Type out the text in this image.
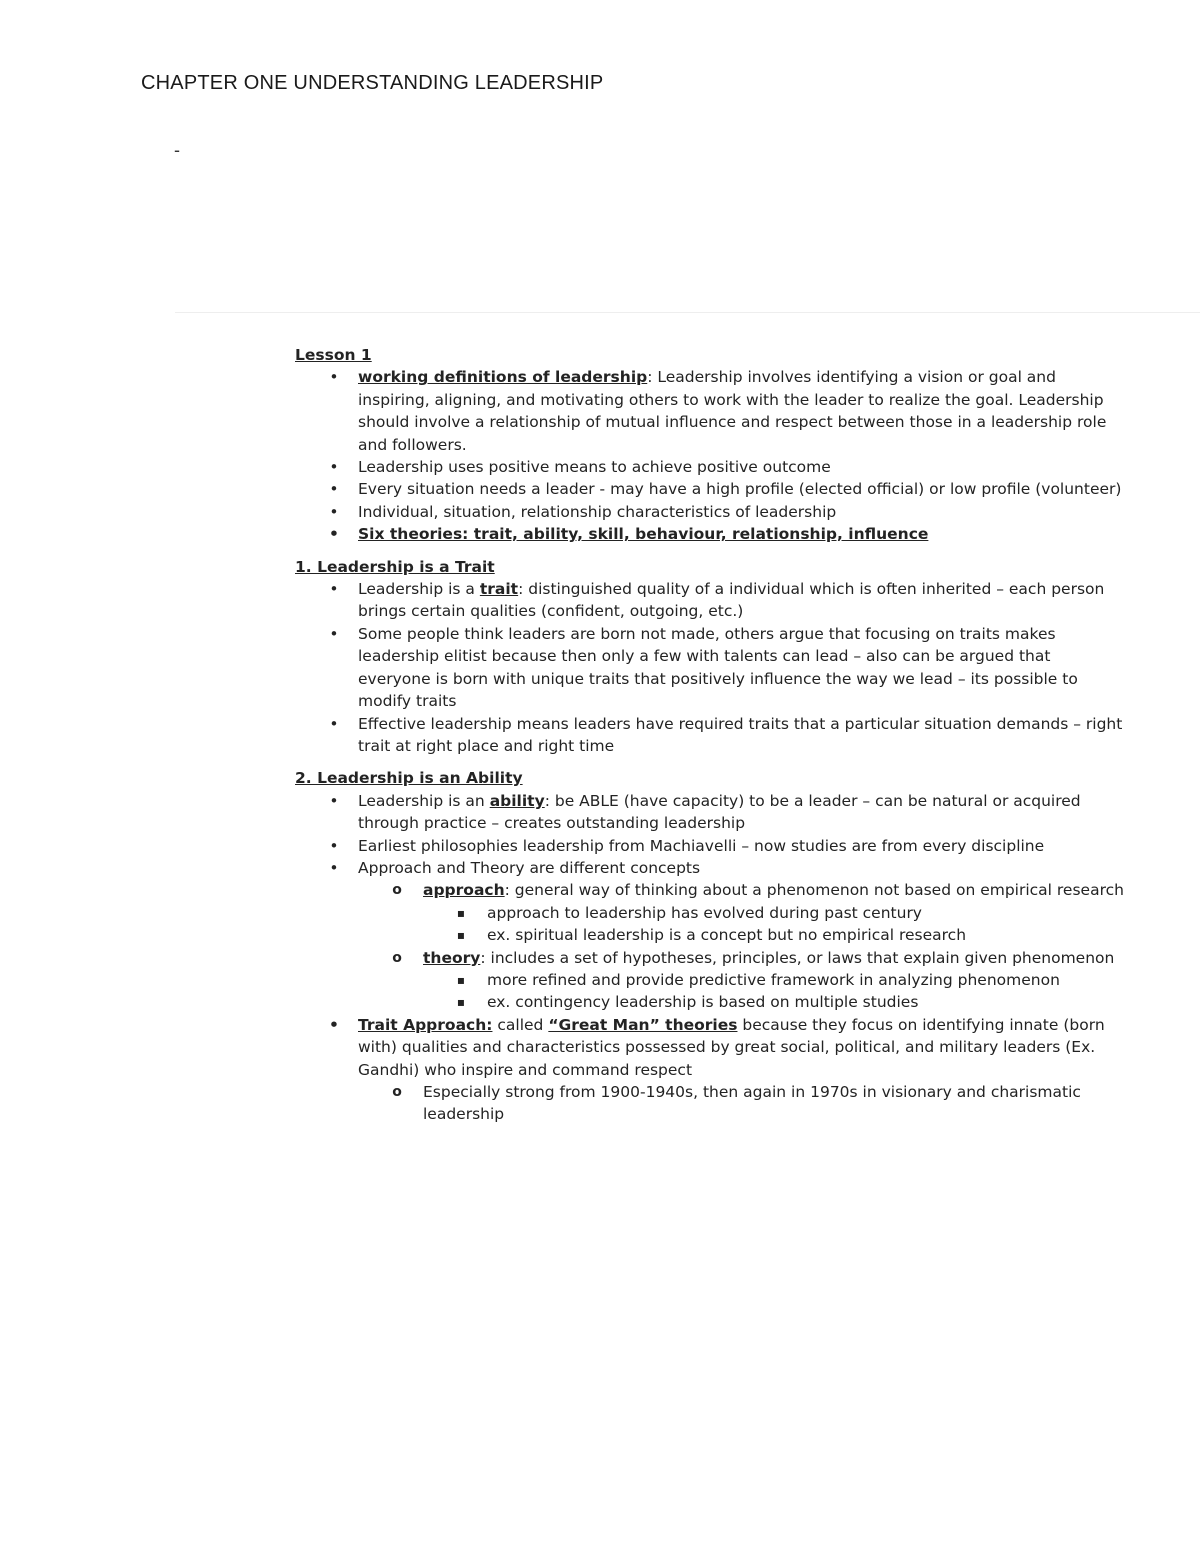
CHAPTER ONE UNDERSTANDING LEADERSHIP
-

Lesson 1

• working definitions of leadership: Leadership involves identifying a vision or goal and inspiring, aligning, and motivating others to work with the leader to realize the goal. Leadership should involve a relationship of mutual influence and respect between those in a leadership role and followers.
• Leadership uses positive means to achieve positive outcome
• Every situation needs a leader - may have a high profile (elected official) or low profile (volunteer)
• Individual, situation, relationship characteristics of leadership
• Six theories: trait, ability, skill, behaviour, relationship, influence

1. Leadership is a Trait

• Leadership is a trait: distinguished quality of a individual which is often inherited – each person brings certain qualities (confident, outgoing, etc.)
• Some people think leaders are born not made, others argue that focusing on traits makes leadership elitist because then only a few with talents can lead – also can be argued that everyone is born with unique traits that positively influence the way we lead – its possible to modify traits
• Effective leadership means leaders have required traits that a particular situation demands – right trait at right place and right time

2. Leadership is an Ability

• Leadership is an ability: be ABLE (have capacity) to be a leader – can be natural or acquired through practice – creates outstanding leadership
• Earliest philosophies leadership from Machiavelli – now studies are from every discipline
• Approach and Theory are different concepts
o approach: general way of thinking about a phenomenon not based on empirical research
▪ approach to leadership has evolved during past century
▪ ex. spiritual leadership is a concept but no empirical research
o theory: includes a set of hypotheses, principles, or laws that explain given phenomenon
▪ more refined and provide predictive framework in analyzing phenomenon
▪ ex. contingency leadership is based on multiple studies
• Trait Approach: called “Great Man” theories because they focus on identifying innate (born with) qualities and characteristics possessed by great social, political, and military leaders (Ex. Gandhi) who inspire and command respect
o Especially strong from 1900-1940s, then again in 1970s in visionary and charismatic leadership
